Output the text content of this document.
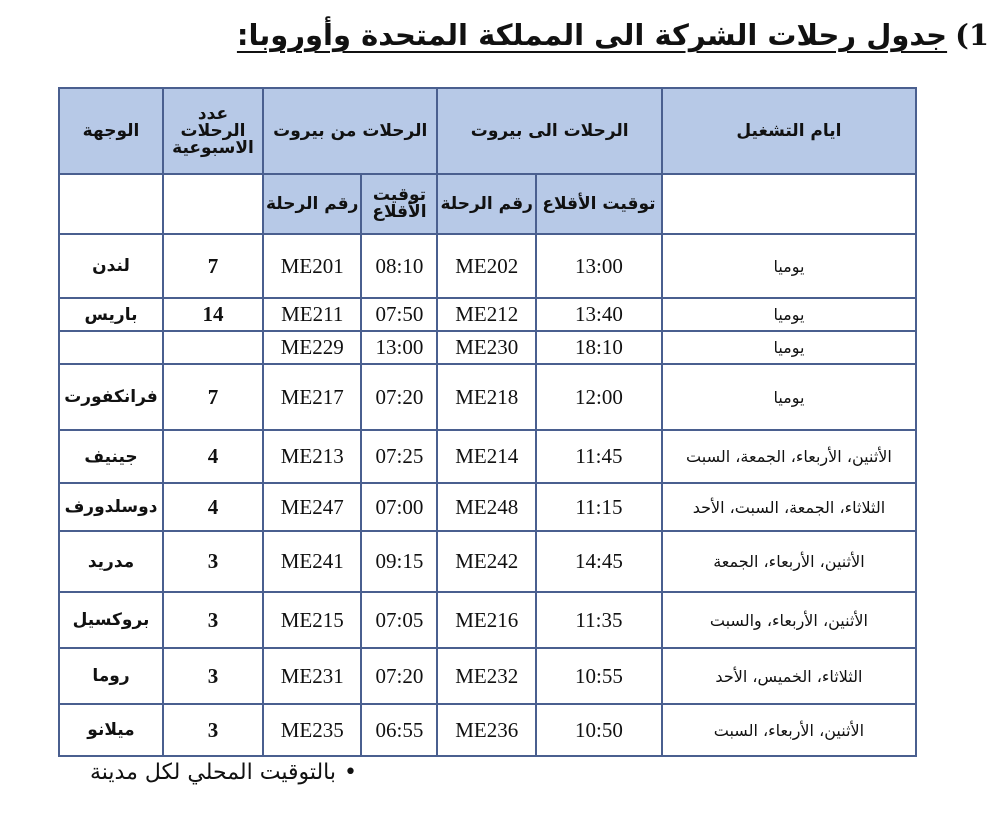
1)جدول رحلات الشركة الى المملكة المتحدة وأوروبا:
ايام التشغيل	الرحلات الى بيروت		الرحلات من بيروت		عدد الرحلات الاسبوعية	الوجهة
	توقيت الأقلاع	رقم الرحلة	توقيت الأقلاع	رقم الرحلة		
يوميا	13:00	ME202	08:10	ME201	7	لندن
يوميا	13:40	ME212	07:50	ME211	14	باريس
يوميا	18:10	ME230	13:00	ME229		
يوميا	12:00	ME218	07:20	ME217	7	فرانكفورت
الأثنين، الأربعاء، الجمعة، السبت	11:45	ME214	07:25	ME213	4	جينيف
الثلاثاء، الجمعة، السبت، الأحد	11:15	ME248	07:00	ME247	4	دوسلدورف
الأثنين، الأربعاء، الجمعة	14:45	ME242	09:15	ME241	3	مدريد
الأثنين، الأربعاء، والسبت	11:35	ME216	07:05	ME215	3	بروكسيل
الثلاثاء، الخميس، الأحد	10:55	ME232	07:20	ME231	3	روما
الأثنين، الأربعاء، السبت	10:50	ME236	06:55	ME235	3	ميلانو
•بالتوقيت المحلي لكل مدينة
